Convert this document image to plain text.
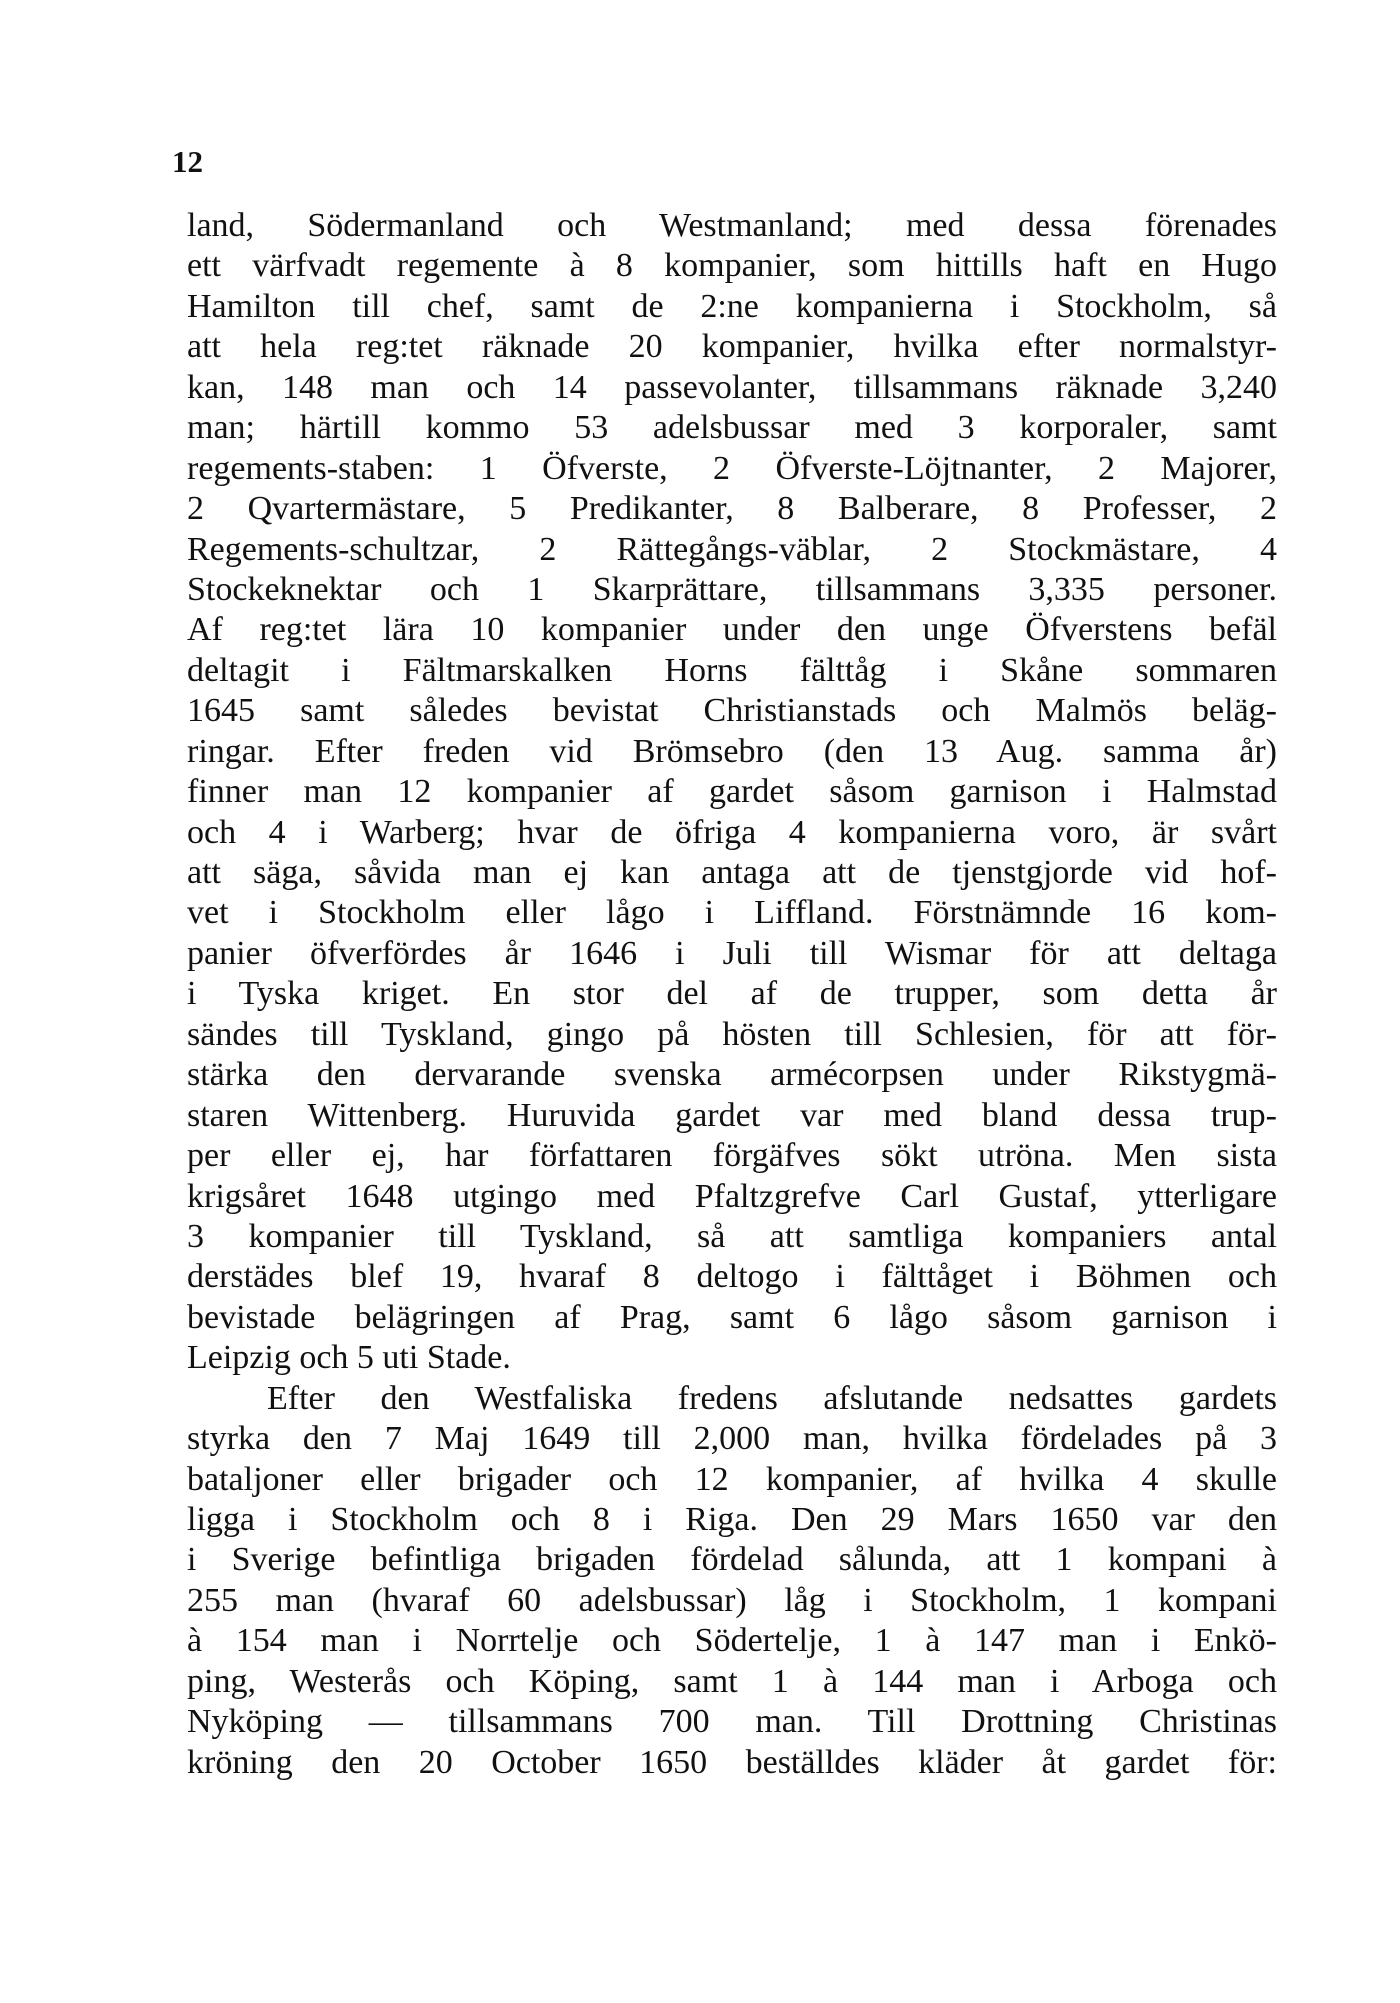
12
land, Södermanland och Westmanland; med dessa förenades
ett värfvadt regemente à 8 kompanier, som hittills haft en Hugo
Hamilton till chef, samt de 2:ne kompanierna i Stockholm, så
att hela reg:tet räknade 20 kompanier, hvilka efter normalstyr-
kan, 148 man och 14 passevolanter, tillsammans räknade 3,240
man; härtill kommo 53 adelsbussar med 3 korporaler, samt
regements-staben: 1 Öfverste, 2 Öfverste-Löjtnanter, 2 Majorer,
2 Qvartermästare, 5 Predikanter, 8 Balberare, 8 Professer, 2
Regements-schultzar, 2 Rättegångs-väblar, 2 Stockmästare, 4
Stockeknektar och 1 Skarprättare, tillsammans 3,335 personer.
Af reg:tet lära 10 kompanier under den unge Öfverstens befäl
deltagit i Fältmarskalken Horns fälttåg i Skåne sommaren
1645 samt således bevistat Christianstads och Malmös beläg-
ringar. Efter freden vid Brömsebro (den 13 Aug. samma år)
finner man 12 kompanier af gardet såsom garnison i Halmstad
och 4 i Warberg; hvar de öfriga 4 kompanierna voro, är svårt
att säga, såvida man ej kan antaga att de tjenstgjorde vid hof-
vet i Stockholm eller lågo i Liffland. Förstnämnde 16 kom-
panier öfverfördes år 1646 i Juli till Wismar för att deltaga
i Tyska kriget. En stor del af de trupper, som detta år
sändes till Tyskland, gingo på hösten till Schlesien, för att för-
stärka den dervarande svenska armécorpsen under Rikstygmä-
staren Wittenberg. Huruvida gardet var med bland dessa trup-
per eller ej, har författaren förgäfves sökt utröna. Men sista
krigsåret 1648 utgingo med Pfaltzgrefve Carl Gustaf, ytterligare
3 kompanier till Tyskland, så att samtliga kompaniers antal
derstädes blef 19, hvaraf 8 deltogo i fälttåget i Böhmen och
bevistade belägringen af Prag, samt 6 lågo såsom garnison i
Leipzig och 5 uti Stade.
Efter den Westfaliska fredens afslutande nedsattes gardets
styrka den 7 Maj 1649 till 2,000 man, hvilka fördelades på 3
bataljoner eller brigader och 12 kompanier, af hvilka 4 skulle
ligga i Stockholm och 8 i Riga. Den 29 Mars 1650 var den
i Sverige befintliga brigaden fördelad sålunda, att 1 kompani à
255 man (hvaraf 60 adelsbussar) låg i Stockholm, 1 kompani
à 154 man i Norrtelje och Södertelje, 1 à 147 man i Enkö-
ping, Westerås och Köping, samt 1 à 144 man i Arboga och
Nyköping — tillsammans 700 man. Till Drottning Christinas
kröning den 20 October 1650 beställdes kläder åt gardet för:
